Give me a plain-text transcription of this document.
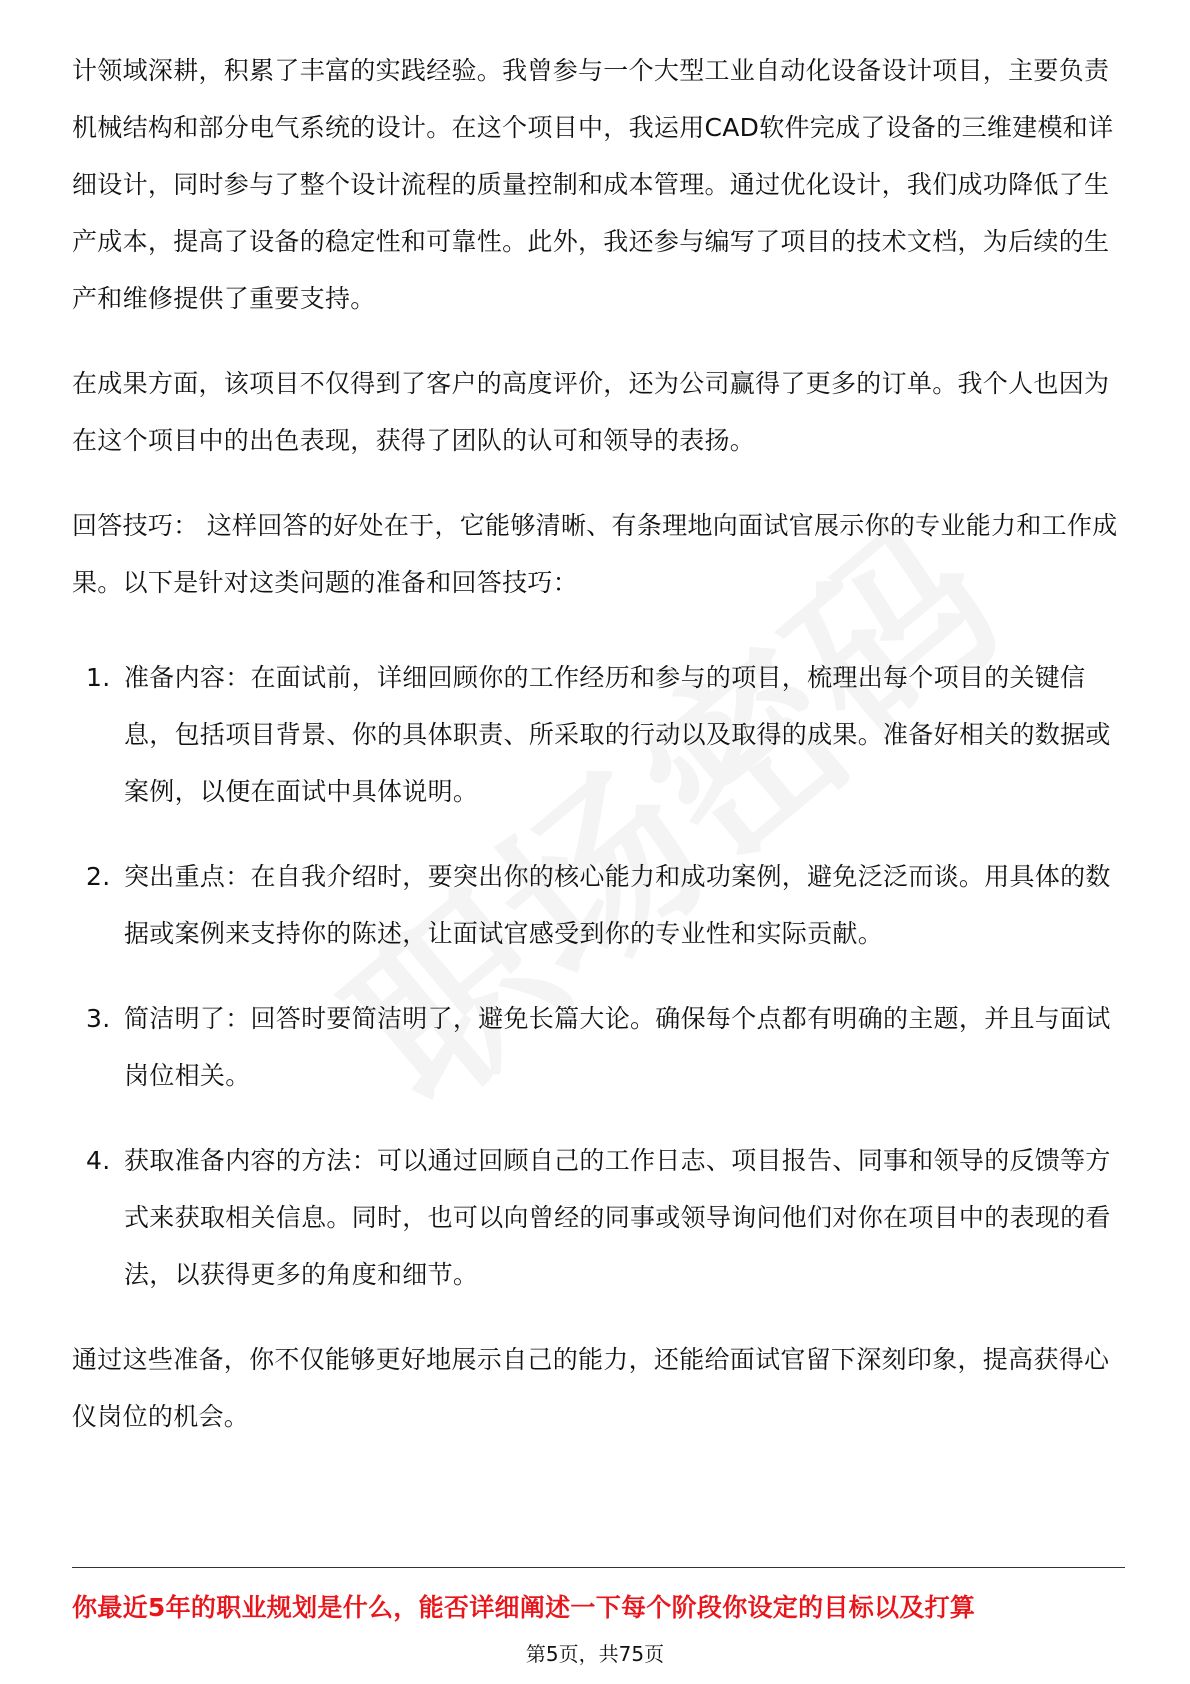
计领域深耕，积累了丰富的实践经验。我曾参与一个大型工业自动化设备设计项目，主要负责机械结构和部分电气系统的设计。在这个项目中，我运用CAD软件完成了设备的三维建模和详细设计，同时参与了整个设计流程的质量控制和成本管理。通过优化设计，我们成功降低了生产成本，提高了设备的稳定性和可靠性。此外，我还参与编写了项目的技术文档，为后续的生产和维修提供了重要支持。

在成果方面，该项目不仅得到了客户的高度评价，还为公司赢得了更多的订单。我个人也因为在这个项目中的出色表现，获得了团队的认可和领导的表扬。

回答技巧： 这样回答的好处在于，它能够清晰、有条理地向面试官展示你的专业能力和工作成果。以下是针对这类问题的准备和回答技巧：

1. 准备内容：在面试前，详细回顾你的工作经历和参与的项目，梳理出每个项目的关键信息，包括项目背景、你的具体职责、所采取的行动以及取得的成果。准备好相关的数据或案例，以便在面试中具体说明。
2. 突出重点：在自我介绍时，要突出你的核心能力和成功案例，避免泛泛而谈。用具体的数据或案例来支持你的陈述，让面试官感受到你的专业性和实际贡献。
3. 简洁明了：回答时要简洁明了，避免长篇大论。确保每个点都有明确的主题，并且与面试岗位相关。
4. 获取准备内容的方法：可以通过回顾自己的工作日志、项目报告、同事和领导的反馈等方式来获取相关信息。同时，也可以向曾经的同事或领导询问他们对你在项目中的表现的看法，以获得更多的角度和细节。

通过这些准备，你不仅能够更好地展示自己的能力，还能给面试官留下深刻印象，提高获得心仪岗位的机会。

你最近5年的职业规划是什么，能否详细阐述一下每个阶段你设定的目标以及打算
第5页，共75页
